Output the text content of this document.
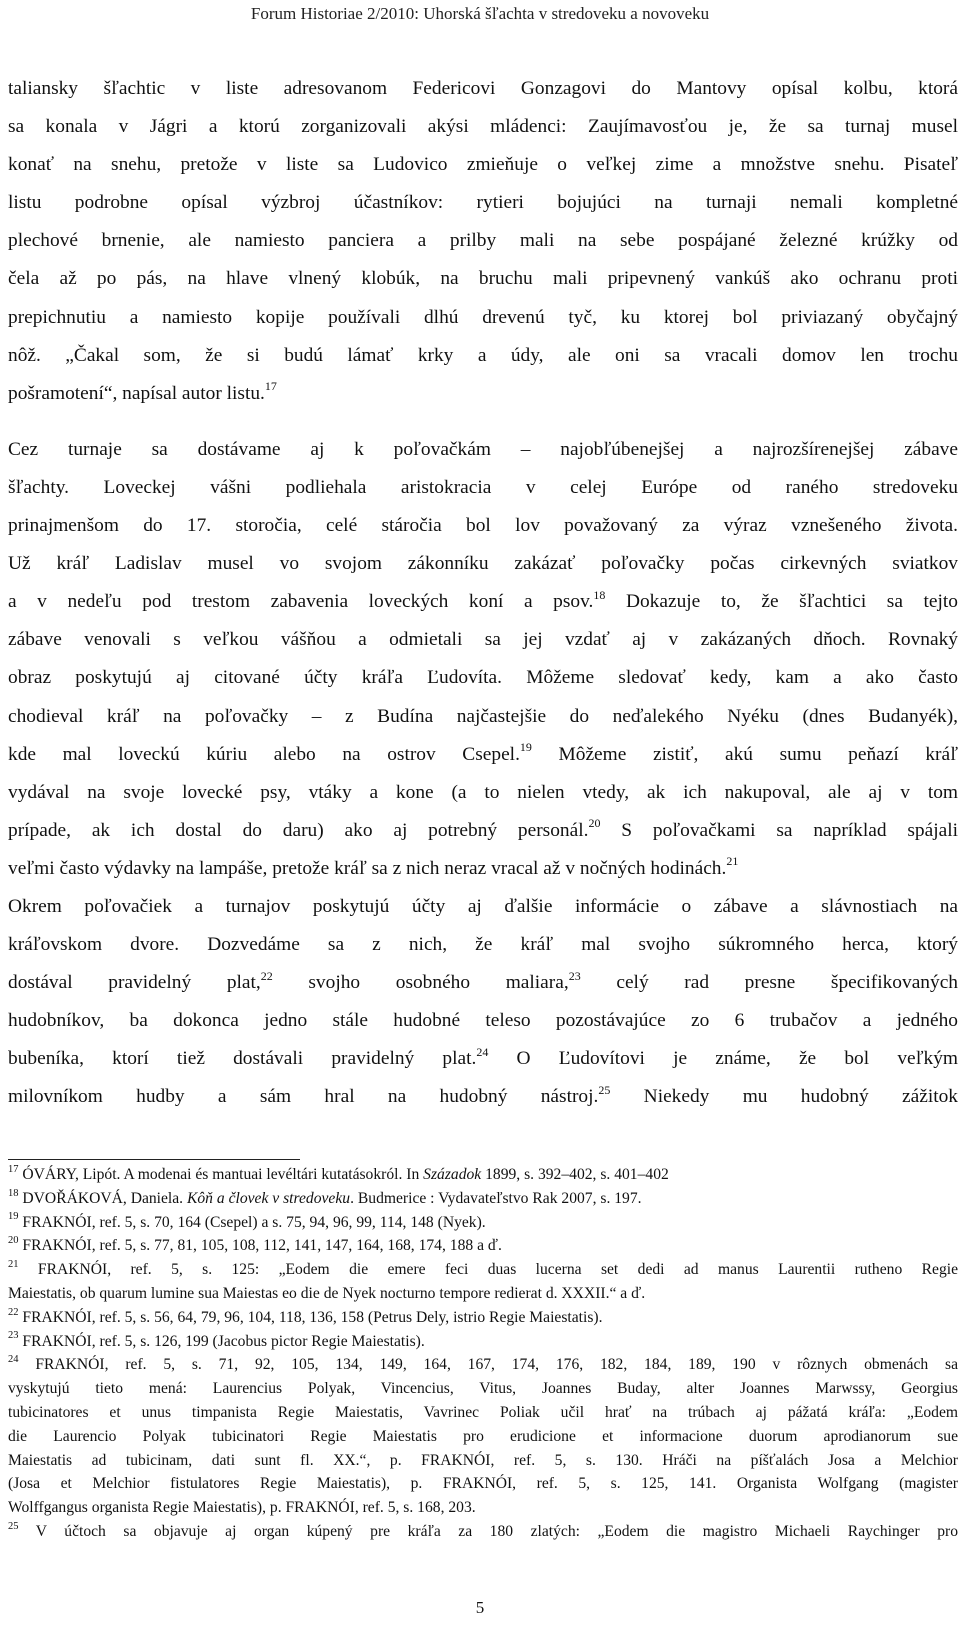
Forum Historiae 2/2010: Uhorská šľachta v stredoveku a novoveku
taliansky šľachtic v liste adresovanom Federicovi Gonzagovi do Mantovy opísal kolbu, ktorá
sa konala v Jágri a ktorú zorganizovali akýsi mládenci: Zaujímavosťou je, že sa turnaj musel
konať na snehu, pretože v liste sa Ludovico zmieňuje o veľkej zime a množstve snehu. Pisateľ
listu podrobne opísal výzbroj účastníkov: rytieri bojujúci na turnaji nemali kompletné
plechové brnenie, ale namiesto panciera a prilby mali na sebe pospájané železné krúžky od
čela až po pás, na hlave vlnený klobúk, na bruchu mali pripevnený vankúš ako ochranu proti
prepichnutiu a namiesto kopije používali dlhú drevenú tyč, ku ktorej bol priviazaný obyčajný
nôž. „Čakal som, že si budú lámať krky a údy, ale oni sa vracali domov len trochu
pošramotení“, napísal autor listu.$^{17}$
Cez turnaje sa dostávame aj k poľovačkám – najobľúbenejšej a najrozšírenejšej zábave
šľachty. Loveckej vášni podliehala aristokracia v celej Európe od raného stredoveku
prinajmenšom do 17. storočia, celé stáročia bol lov považovaný za výraz vznešeného života.
Už kráľ Ladislav musel vo svojom zákonníku zakázať poľovačky počas cirkevných sviatkov
a v nedeľu pod trestom zabavenia loveckých koní a psov.$^{18}$ Dokazuje to, že šľachtici sa tejto
zábave venovali s veľkou vášňou a odmietali sa jej vzdať aj v zakázaných dňoch. Rovnaký
obraz poskytujú aj citované účty kráľa Ľudovíta. Môžeme sledovať kedy, kam a ako často
chodieval kráľ na poľovačky – z Budína najčastejšie do neďalekého Nyéku (dnes Budanyék),
kde mal loveckú kúriu alebo na ostrov Csepel.$^{19}$ Môžeme zistiť, akú sumu peňazí kráľ
vydával na svoje lovecké psy, vtáky a kone (a to nielen vtedy, ak ich nakupoval, ale aj v tom
prípade, ak ich dostal do daru) ako aj potrebný personál.$^{20}$ S poľovačkami sa napríklad spájali
veľmi často výdavky na lampáše, pretože kráľ sa z nich neraz vracal až v nočných hodinách.$^{21}$
Okrem poľovačiek a turnajov poskytujú účty aj ďalšie informácie o zábave a slávnostiach na
kráľovskom dvore. Dozvedáme sa z nich, že kráľ mal svojho súkromného herca, ktorý
dostával pravidelný plat,$^{22}$ svojho osobného maliara,$^{23}$ celý rad presne špecifikovaných
hudobníkov, ba dokonca jedno stále hudobné teleso pozostávajúce zo 6 trubačov a jedného
bubeníka, ktorí tiež dostávali pravidelný plat.$^{24}$ O Ľudovítovi je známe, že bol veľkým
milovníkom hudby a sám hral na hudobný nástroj.$^{25}$ Niekedy mu hudobný zážitok
$^{17}$ ÓVÁRY, Lipót. A modenai és mantuai levéltári kutatásokról. In Századok 1899, s. 392–402, s. 401–402
$^{18}$ DVOŘÁKOVÁ, Daniela. Kôň a človek v stredoveku. Budmerice : Vydavateľstvo Rak 2007, s. 197.
$^{19}$ FRAKNÓI, ref. 5, s. 70, 164 (Csepel) a s. 75, 94, 96, 99, 114, 148 (Nyek).
$^{20}$ FRAKNÓI, ref. 5, s. 77, 81, 105, 108, 112, 141, 147, 164, 168, 174, 188 a ď.
$^{21}$ FRAKNÓI, ref. 5, s. 125: „Eodem die emere feci duas lucerna set dedi ad manus Laurentii rutheno Regie
Maiestatis, ob quarum lumine sua Maiestas eo die de Nyek nocturno tempore redierat d. XXXII.“ a ď.
$^{22}$ FRAKNÓI, ref. 5, s. 56, 64, 79, 96, 104, 118, 136, 158 (Petrus Dely, istrio Regie Maiestatis).
$^{23}$ FRAKNÓI, ref. 5, s. 126, 199 (Jacobus pictor Regie Maiestatis).
$^{24}$ FRAKNÓI, ref. 5, s. 71, 92, 105, 134, 149, 164, 167, 174, 176, 182, 184, 189, 190 v rôznych obmenách sa
vyskytujú tieto mená: Laurencius Polyak, Vincencius, Vitus, Joannes Buday, alter Joannes Marwssy, Georgius
tubicinatores et unus timpanista Regie Maiestatis, Vavrinec Poliak učil hrať na trúbach aj pážatá kráľa: „Eodem
die Laurencio Polyak tubicinatori Regie Maiestatis pro erudicione et informacione duorum aprodianorum sue
Maiestatis ad tubicinam, dati sunt fl. XX.“, p. FRAKNÓI, ref. 5, s. 130. Hráči na píšťalách Josa a Melchior
(Josa et Melchior fistulatores Regie Maiestatis), p. FRAKNÓI, ref. 5, s. 125, 141. Organista Wolfgang (magister
Wolffgangus organista Regie Maiestatis), p. FRAKNÓI, ref. 5, s. 168, 203.
$^{25}$ V účtoch sa objavuje aj organ kúpený pre kráľa za 180 zlatých: „Eodem die magistro Michaeli Raychinger pro
5
